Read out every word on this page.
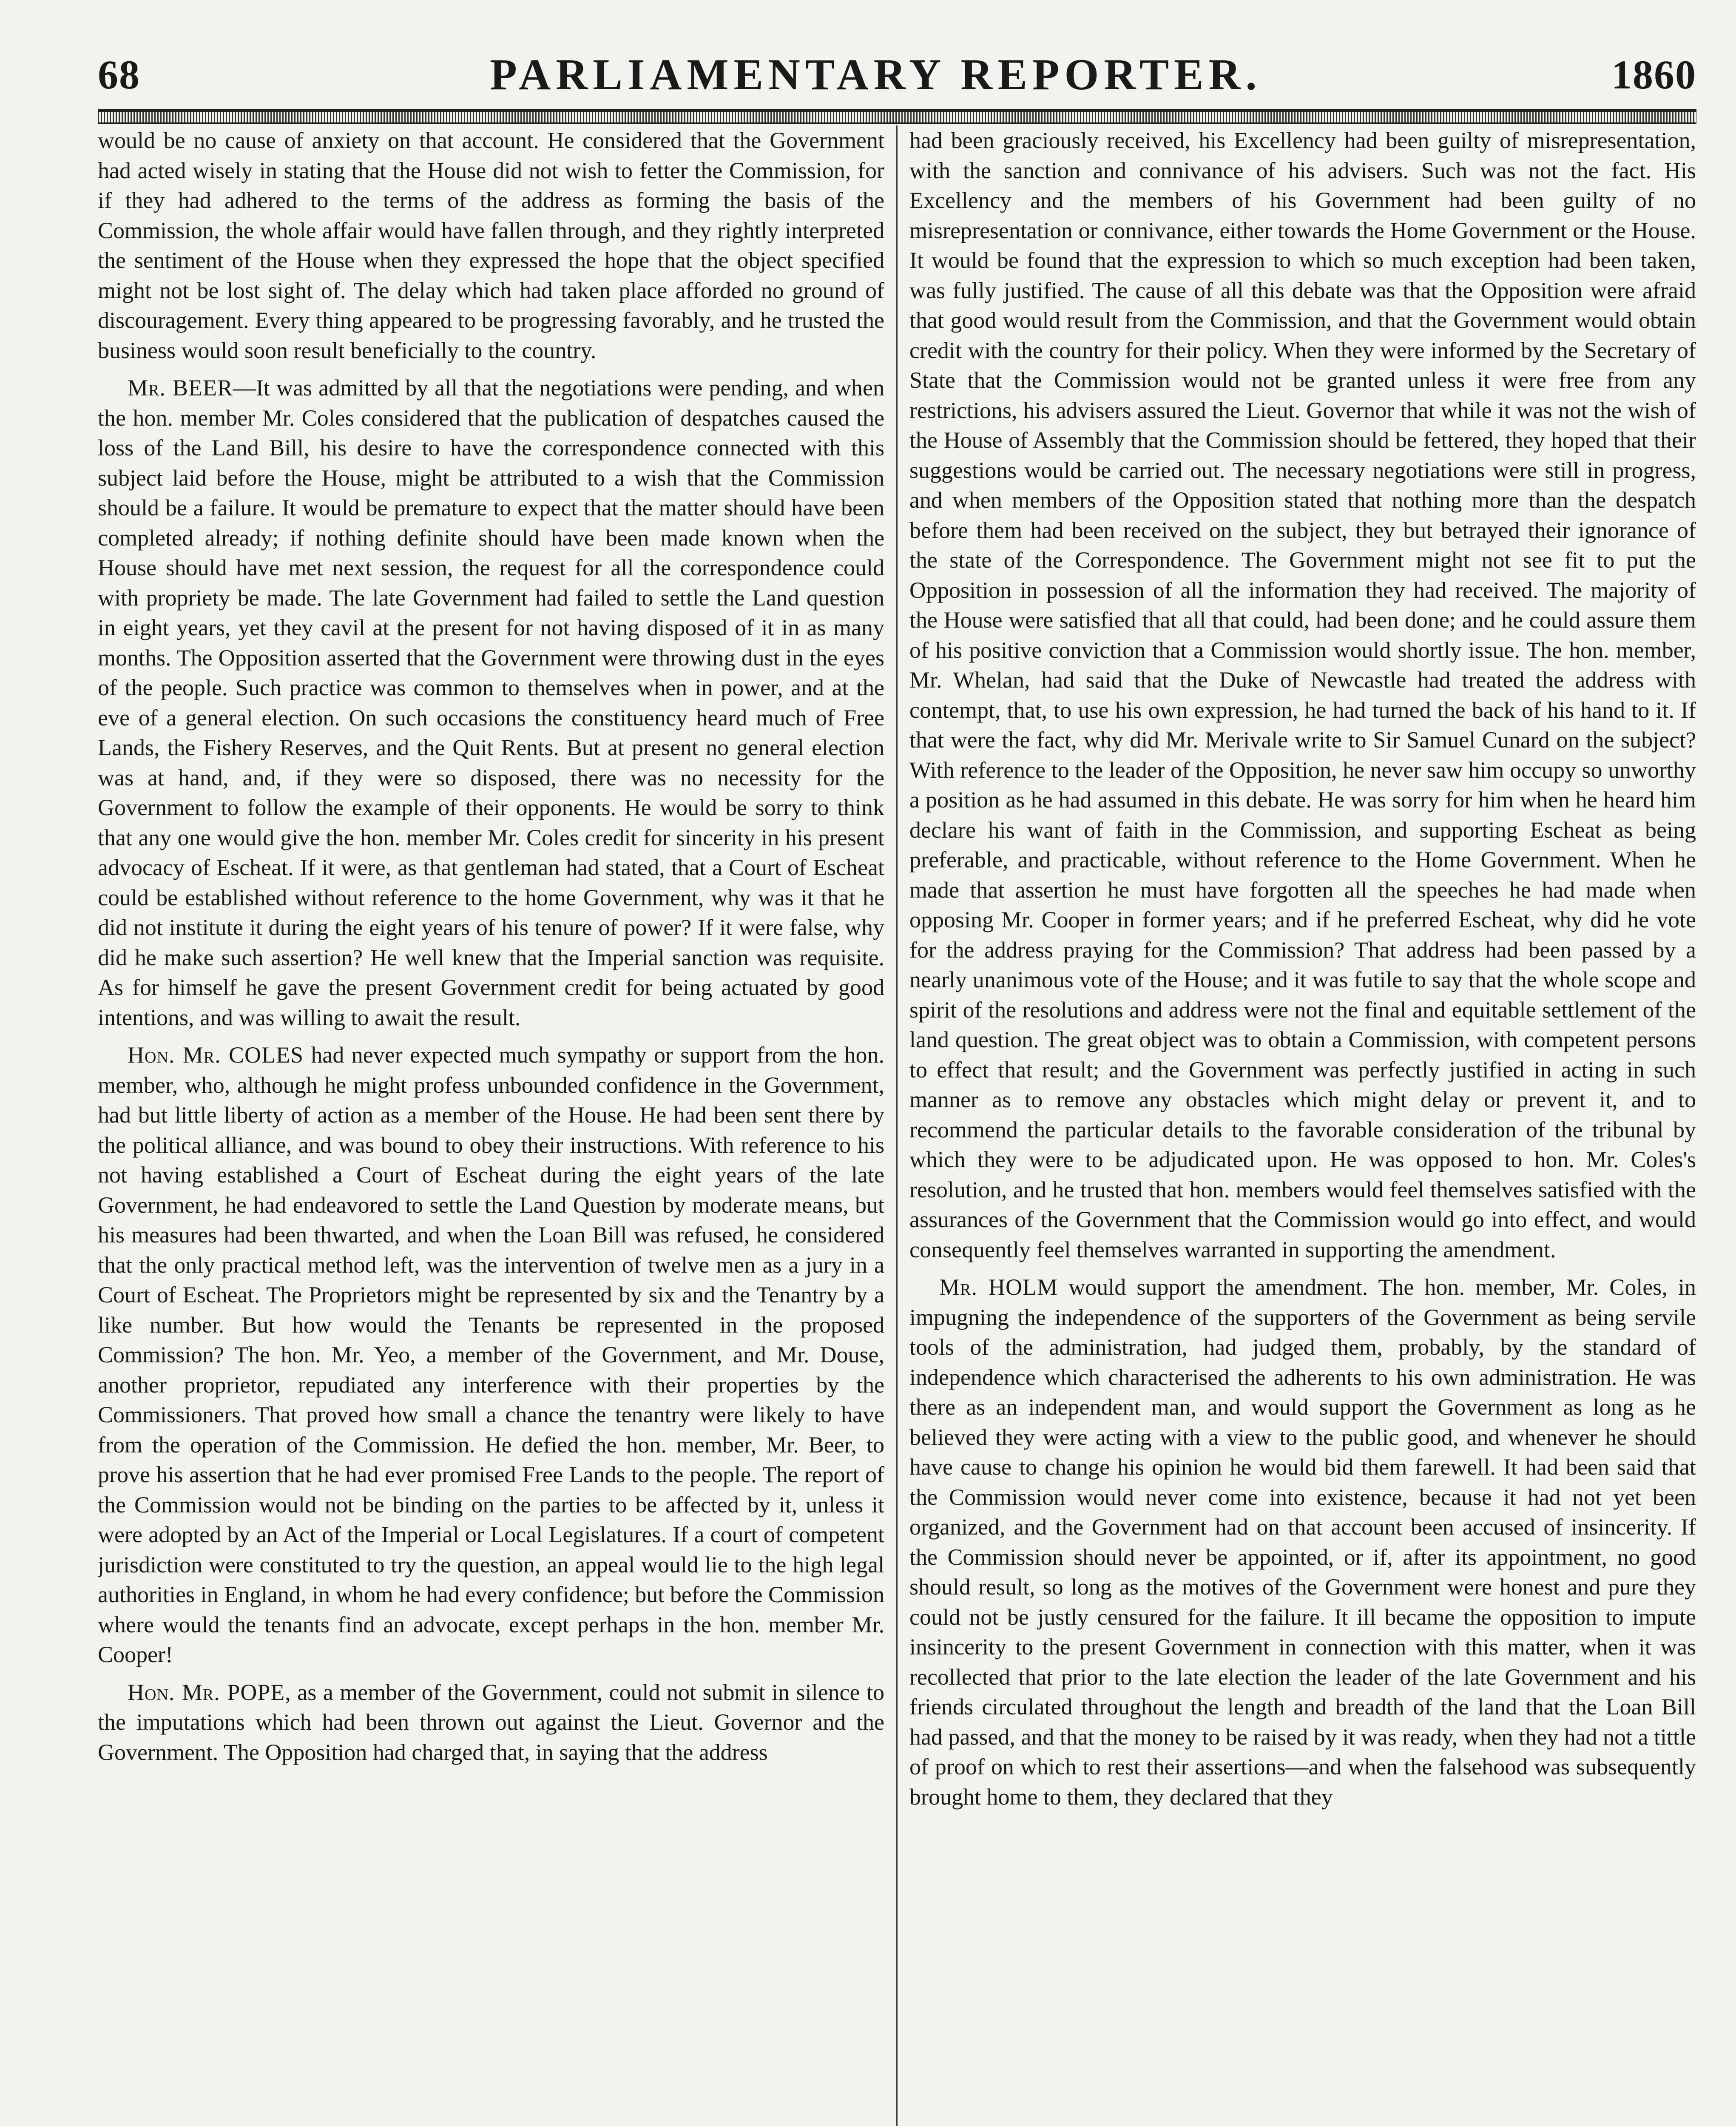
68	PARLIAMENTARY REPORTER.	1860

would be no cause of anxiety on that account. He considered that the Government had acted wisely in stating that the House did not wish to fetter the Commission, for if they had adhered to the terms of the address as forming the basis of the Commission, the whole affair would have fallen through, and they rightly interpreted the sentiment of the House when they expressed the hope that the object specified might not be lost sight of. The delay which had taken place afforded no ground of discouragement. Every thing appeared to be progressing favorably, and he trusted the business would soon result beneficially to the country.

Mr. BEER—It was admitted by all that the negotiations were pending, and when the hon. member Mr. Coles considered that the publication of despatches caused the loss of the Land Bill, his desire to have the correspondence connected with this subject laid before the House, might be attributed to a wish that the Commission should be a failure. It would be premature to expect that the matter should have been completed already; if nothing definite should have been made known when the House should have met next session, the request for all the correspondence could with propriety be made. The late Government had failed to settle the Land question in eight years, yet they cavil at the present for not having disposed of it in as many months. The Opposition asserted that the Government were throwing dust in the eyes of the people. Such practice was common to themselves when in power, and at the eve of a general election. On such occasions the constituency heard much of Free Lands, the Fishery Reserves, and the Quit Rents. But at present no general election was at hand, and, if they were so disposed, there was no necessity for the Government to follow the example of their opponents. He would be sorry to think that any one would give the hon. member Mr. Coles credit for sincerity in his present advocacy of Escheat. If it were, as that gentleman had stated, that a Court of Escheat could be established without reference to the home Government, why was it that he did not institute it during the eight years of his tenure of power? If it were false, why did he make such assertion? He well knew that the Imperial sanction was requisite. As for himself he gave the present Government credit for being actuated by good intentions, and was willing to await the result.

Hon. Mr. COLES had never expected much sympathy or support from the hon. member, who, although he might profess unbounded confidence in the Government, had but little liberty of action as a member of the House. He had been sent there by the political alliance, and was bound to obey their instructions. With reference to his not having established a Court of Escheat during the eight years of the late Government, he had endeavored to settle the Land Question by moderate means, but his measures had been thwarted, and when the Loan Bill was refused, he considered that the only practical method left, was the intervention of twelve men as a jury in a Court of Escheat. The Proprietors might be represented by six and the Tenantry by a like number. But how would the Tenants be represented in the proposed Commission? The hon. Mr. Yeo, a member of the Government, and Mr. Douse, another proprietor, repudiated any interference with their properties by the Commissioners. That proved how small a chance the tenantry were likely to have from the operation of the Commission. He defied the hon. member, Mr. Beer, to prove his assertion that he had ever promised Free Lands to the people. The report of the Commission would not be binding on the parties to be affected by it, unless it were adopted by an Act of the Imperial or Local Legislatures. If a court of competent jurisdiction were constituted to try the question, an appeal would lie to the high legal authorities in England, in whom he had every confidence; but before the Commission where would the tenants find an advocate, except perhaps in the hon. member Mr. Cooper!

Hon. Mr. POPE, as a member of the Government, could not submit in silence to the imputations which had been thrown out against the Lieut. Governor and the Government. The Opposition had charged that, in saying that the address

had been graciously received, his Excellency had been guilty of misrepresentation, with the sanction and connivance of his advisers. Such was not the fact. His Excellency and the members of his Government had been guilty of no misrepresentation or connivance, either towards the Home Government or the House. It would be found that the expression to which so much exception had been taken, was fully justified. The cause of all this debate was that the Opposition were afraid that good would result from the Commission, and that the Government would obtain credit with the country for their policy. When they were informed by the Secretary of State that the Commission would not be granted unless it were free from any restrictions, his advisers assured the Lieut. Governor that while it was not the wish of the House of Assembly that the Commission should be fettered, they hoped that their suggestions would be carried out. The necessary negotiations were still in progress, and when members of the Opposition stated that nothing more than the despatch before them had been received on the subject, they but betrayed their ignorance of the state of the Correspondence. The Government might not see fit to put the Opposition in possession of all the information they had received. The majority of the House were satisfied that all that could, had been done; and he could assure them of his positive conviction that a Commission would shortly issue. The hon. member, Mr. Whelan, had said that the Duke of Newcastle had treated the address with contempt, that, to use his own expression, he had turned the back of his hand to it. If that were the fact, why did Mr. Merivale write to Sir Samuel Cunard on the subject? With reference to the leader of the Opposition, he never saw him occupy so unworthy a position as he had assumed in this debate. He was sorry for him when he heard him declare his want of faith in the Commission, and supporting Escheat as being preferable, and practicable, without reference to the Home Government. When he made that assertion he must have forgotten all the speeches he had made when opposing Mr. Cooper in former years; and if he preferred Escheat, why did he vote for the address praying for the Commission? That address had been passed by a nearly unanimous vote of the House; and it was futile to say that the whole scope and spirit of the resolutions and address were not the final and equitable settlement of the land question. The great object was to obtain a Commission, with competent persons to effect that result; and the Government was perfectly justified in acting in such manner as to remove any obstacles which might delay or prevent it, and to recommend the particular details to the favorable consideration of the tribunal by which they were to be adjudicated upon. He was opposed to hon. Mr. Coles's resolution, and he trusted that hon. members would feel themselves satisfied with the assurances of the Government that the Commission would go into effect, and would consequently feel themselves warranted in supporting the amendment.

Mr. HOLM would support the amendment. The hon. member, Mr. Coles, in impugning the independence of the supporters of the Government as being servile tools of the administration, had judged them, probably, by the standard of independence which characterised the adherents to his own administration. He was there as an independent man, and would support the Government as long as he believed they were acting with a view to the public good, and whenever he should have cause to change his opinion he would bid them farewell. It had been said that the Commission would never come into existence, because it had not yet been organized, and the Government had on that account been accused of insincerity. If the Commission should never be appointed, or if, after its appointment, no good should result, so long as the motives of the Government were honest and pure they could not be justly censured for the failure. It ill became the opposition to impute insincerity to the present Government in connection with this matter, when it was recollected that prior to the late election the leader of the late Government and his friends circulated throughout the length and breadth of the land that the Loan Bill had passed, and that the money to be raised by it was ready, when they had not a tittle of proof on which to rest their assertions—and when the falsehood was subsequently brought home to them, they declared that they
